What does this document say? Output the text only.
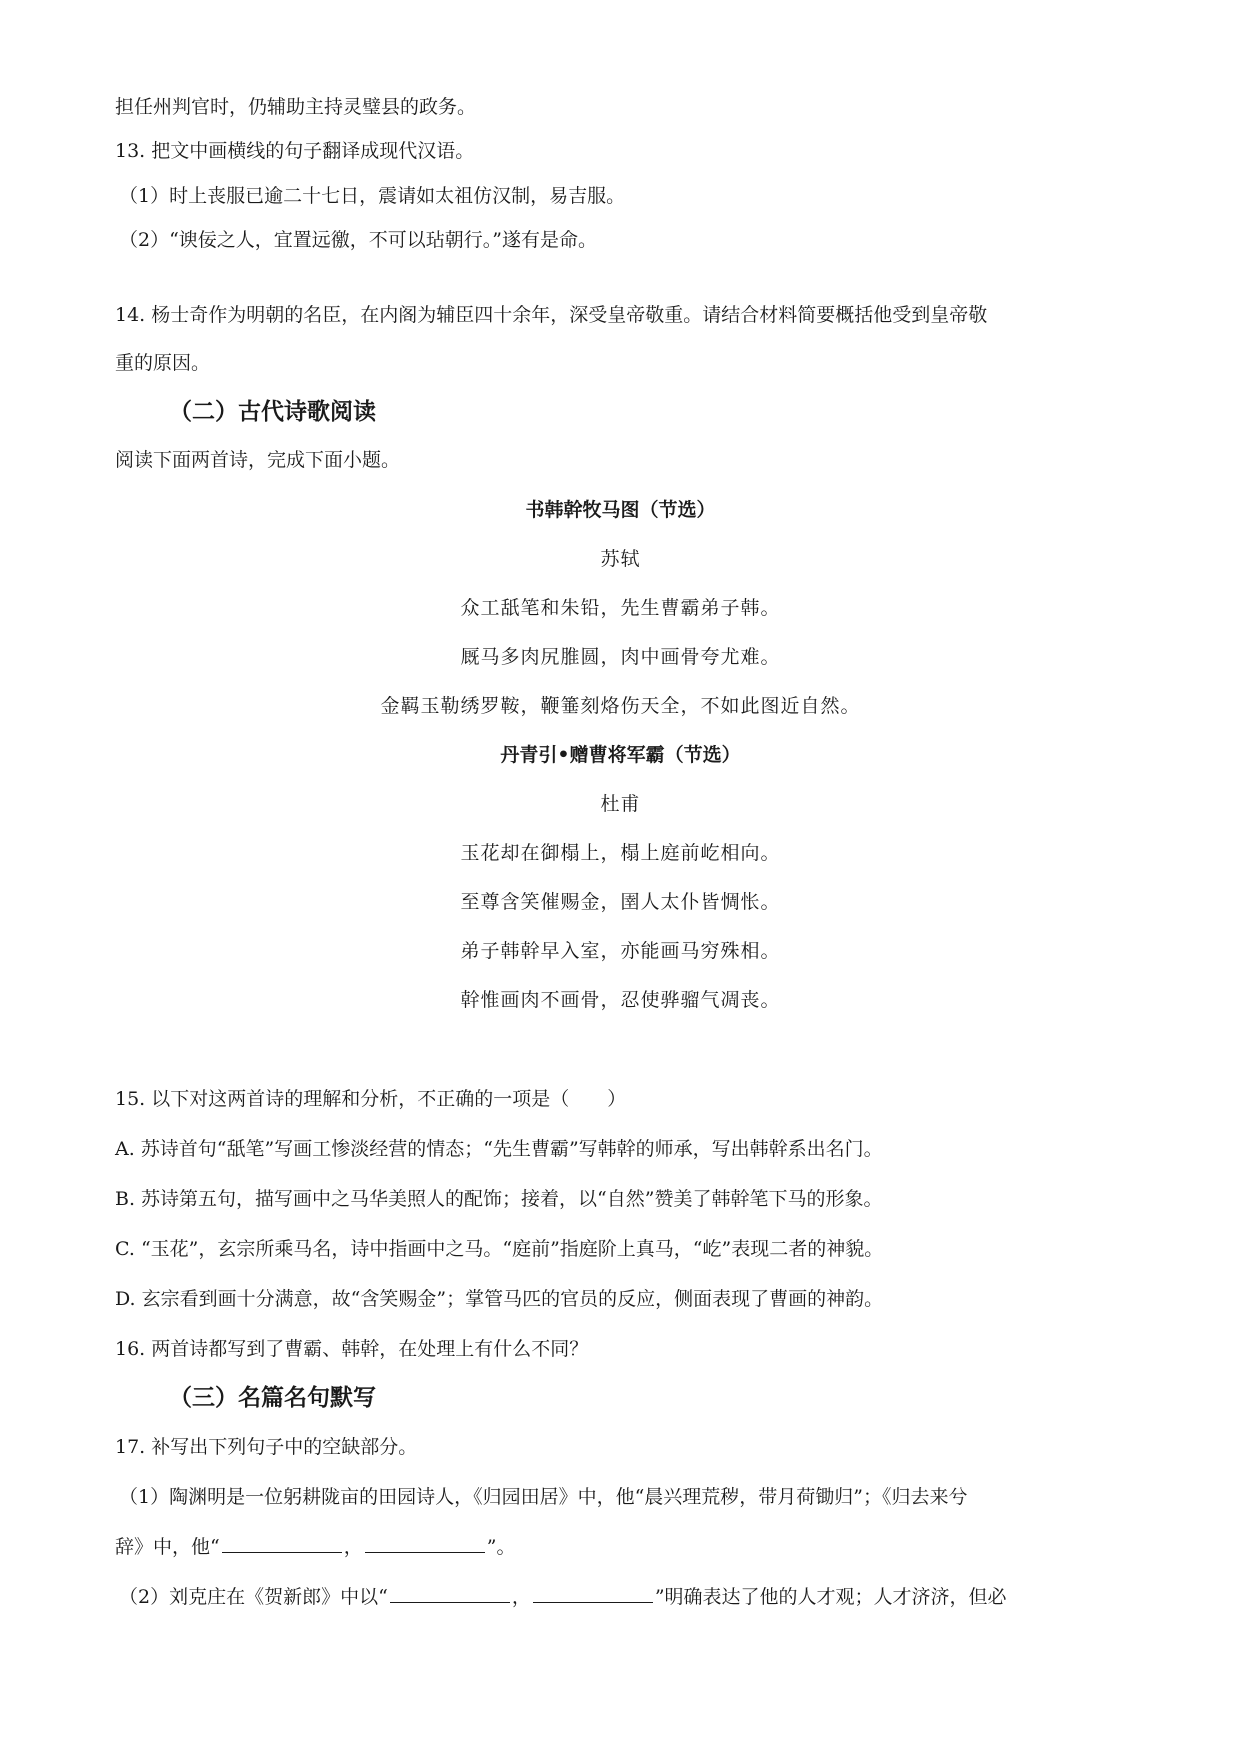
担任州判官时，仍辅助主持灵璧县的政务。
13. 把文中画横线的句子翻译成现代汉语。
（1）时上丧服已逾二十七日，震请如太祖仿汉制，易吉服。
（2）“谀佞之人，宜置远徼，不可以玷朝行。”遂有是命。
14. 杨士奇作为明朝的名臣，在内阁为辅臣四十余年，深受皇帝敬重。请结合材料简要概括他受到皇帝敬
重的原因。
（二）古代诗歌阅读
阅读下面两首诗，完成下面小题。
书韩幹牧马图（节选）
苏轼
众工舐笔和朱铅，先生曹霸弟子韩。
厩马多肉尻脽圆，肉中画骨夸尤难。
金羁玉勒绣罗鞍，鞭箠刻烙伤天全，不如此图近自然。
丹青引•赠曹将军霸（节选）
杜甫
玉花却在御榻上，榻上庭前屹相向。
至尊含笑催赐金，圉人太仆皆惆怅。
弟子韩幹早入室，亦能画马穷殊相。
幹惟画肉不画骨，忍使骅骝气凋丧。
15. 以下对这两首诗的理解和分析，不正确的一项是（　　）
A. 苏诗首句“舐笔”写画工惨淡经营的情态；“先生曹霸”写韩幹的师承，写出韩幹系出名门。
B. 苏诗第五句，描写画中之马华美照人的配饰；接着，以“自然”赞美了韩幹笔下马的形象。
C. “玉花”，玄宗所乘马名，诗中指画中之马。“庭前”指庭阶上真马，“屹”表现二者的神貌。
D. 玄宗看到画十分满意，故“含笑赐金”；掌管马匹的官员的反应，侧面表现了曹画的神韵。
16. 两首诗都写到了曹霸、韩幹，在处理上有什么不同？
（三）名篇名句默写
17. 补写出下列句子中的空缺部分。
（1）陶渊明是一位躬耕陇亩的田园诗人，《归园田居》中，他“晨兴理荒秽，带月荷锄归”；《归去来兮
辞》中，他“	，	”。
（2）刘克庄在《贺新郎》中以“	，	”明确表达了他的人才观；人才济济，但必
